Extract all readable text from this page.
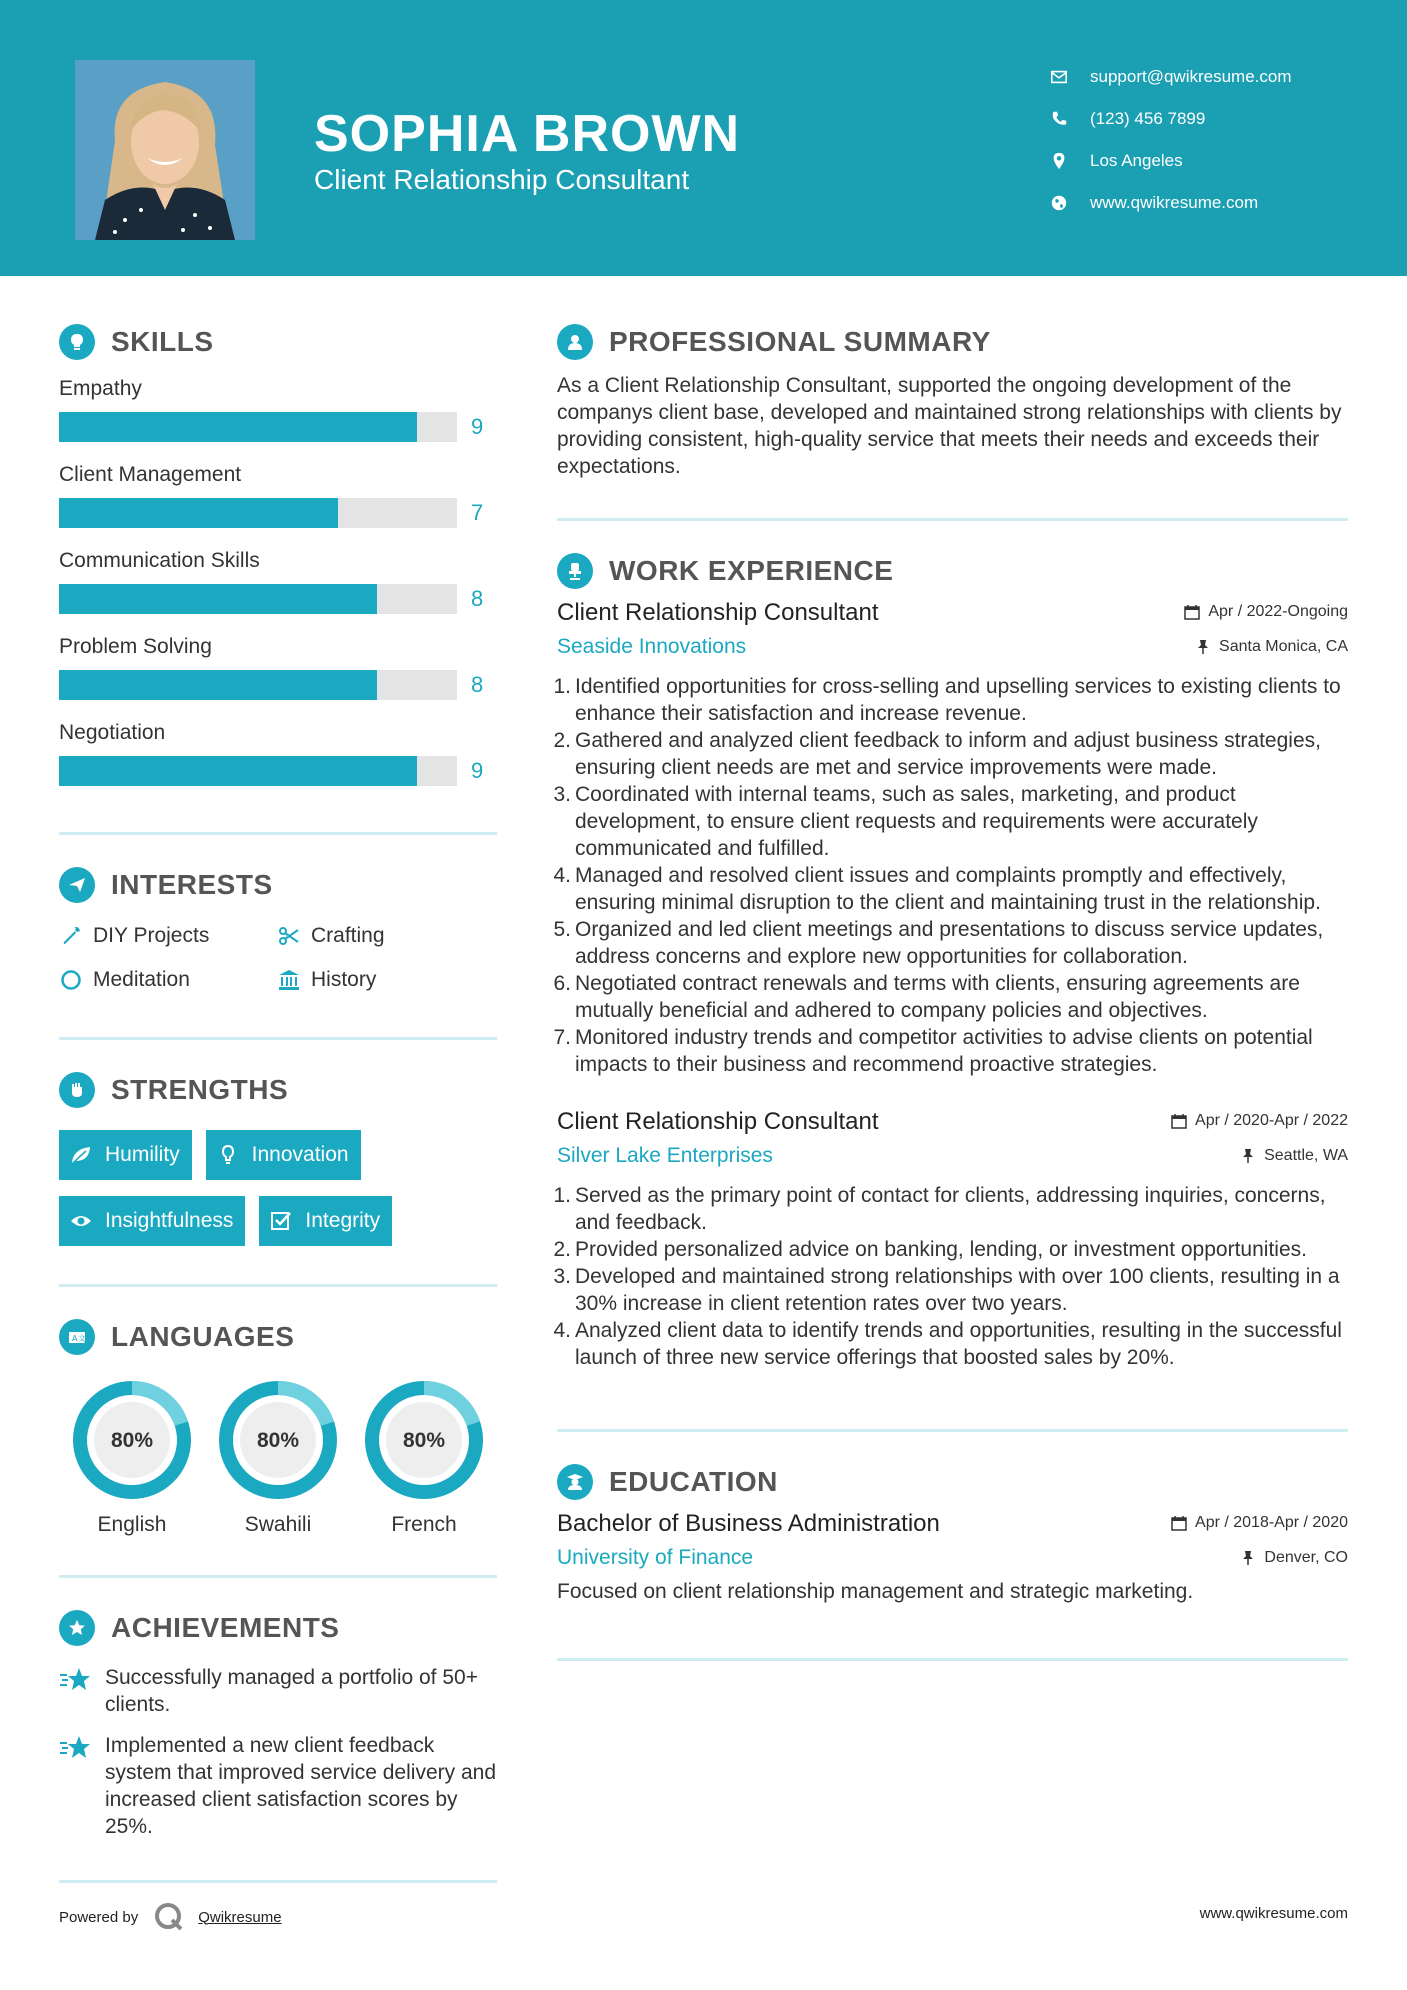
SOPHIA BROWN
Client Relationship Consultant
support@qwikresume.com
(123) 456 7899
Los Angeles
www.qwikresume.com
SKILLS
Empathy
9
Client Management
7
Communication Skills
8
Problem Solving
8
Negotiation
9
INTERESTS
DIY Projects	Crafting
Meditation	History
STRENGTHS
Humility	Innovation
Insightfulness	Integrity
A 文 LANGUAGES
80%
English
80%
Swahili
80%
French
ACHIEVEMENTS
Successfully managed a portfolio of 50+ clients.
Implemented a new client feedback system that improved service delivery and increased client satisfaction scores by 25%.
PROFESSIONAL SUMMARY
As a Client Relationship Consultant, supported the ongoing development of the companys client base, developed and maintained strong relationships with clients by providing consistent, high-quality service that meets their needs and exceeds their expectations.
WORK EXPERIENCE
Client Relationship Consultant	Apr / 2022-Ongoing
Seaside Innovations	Santa Monica, CA
1. Identified opportunities for cross-selling and upselling services to existing clients to enhance their satisfaction and increase revenue.
2. Gathered and analyzed client feedback to inform and adjust business strategies, ensuring client needs are met and service improvements were made.
3. Coordinated with internal teams, such as sales, marketing, and product development, to ensure client requests and requirements were accurately communicated and fulfilled.
4. Managed and resolved client issues and complaints promptly and effectively, ensuring minimal disruption to the client and maintaining trust in the relationship.
5. Organized and led client meetings and presentations to discuss service updates, address concerns and explore new opportunities for collaboration.
6. Negotiated contract renewals and terms with clients, ensuring agreements are mutually beneficial and adhered to company policies and objectives.
7. Monitored industry trends and competitor activities to advise clients on potential impacts to their business and recommend proactive strategies.
Client Relationship Consultant	Apr / 2020-Apr / 2022
Silver Lake Enterprises	Seattle, WA
1. Served as the primary point of contact for clients, addressing inquiries, concerns, and feedback.
2. Provided personalized advice on banking, lending, or investment opportunities.
3. Developed and maintained strong relationships with over 100 clients, resulting in a 30% increase in client retention rates over two years.
4. Analyzed client data to identify trends and opportunities, resulting in the successful launch of three new service offerings that boosted sales by 20%.
EDUCATION
Bachelor of Business Administration	Apr / 2018-Apr / 2020
University of Finance	Denver, CO
Focused on client relationship management and strategic marketing.
Powered by	Qwikresume	www.qwikresume.com
